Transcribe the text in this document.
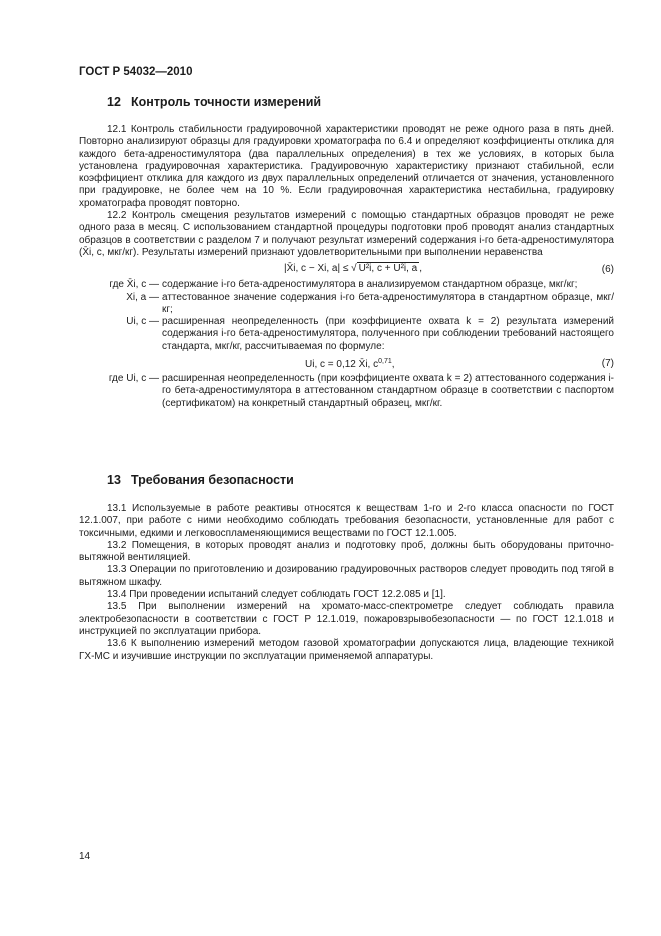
ГОСТ Р 54032—2010
12 Контроль точности измерений

12.1 Контроль стабильности градуировочной характеристики проводят не реже одного раза в пять дней. Повторно анализируют образцы для градуировки хроматографа по 6.4 и определяют коэффициенты отклика для каждого бета-адреностимулятора (два параллельных определения) в тех же условиях, в которых была установлена градуировочная характеристика. Градуировочную характеристику признают стабильной, если коэффициент отклика для каждого из двух параллельных определений отличается от значения, установленного при градуировке, не более чем на 10 %. Если градуировочная характеристика нестабильна, градуировку хроматографа проводят повторно.

12.2 Контроль смещения результатов измерений с помощью стандартных образцов проводят не реже одного раза в месяц. С использованием стандартной процедуры подготовки проб проводят анализ стандартных образцов в соответствии с разделом 7 и получают результат измерений содержания i-го бета-адреностимулятора (X̄i, c, мкг/кг). Результаты измерений признают удовлетворительными при выполнении неравенства

|X̄i, c − Xi, a| ≤ √ U²i, c + U²i, a ,	(6)
где X̄i, c — содержание i-го бета-адреностимулятора в анализируемом стандартном образце, мкг/кг;
Xi, a — аттестованное значение содержания i-го бета-адреностимулятора в стандартном образце, мкг/кг;
Ui, c — расширенная неопределенность (при коэффициенте охвата k = 2) результата измерений содержания i-го бета-адреностимулятора, полученного при соблюдении требований настоящего стандарта, мкг/кг, рассчитываемая по формуле:
Ui, c = 0,12 X̄i, $c^{0,71}$,	(7)
где Ui, c — расширенная неопределенность (при коэффициенте охвата k = 2) аттестованного содержания i-го бета-адреностимулятора в аттестованном стандартном образце в соответствии с паспортом (сертификатом) на конкретный стандартный образец, мкг/кг.
13 Требования безопасности

13.1 Используемые в работе реактивы относятся к веществам 1-го и 2-го класса опасности по ГОСТ 12.1.007, при работе с ними необходимо соблюдать требования безопасности, установленные для работ с токсичными, едкими и легковоспламеняющимися веществами по ГОСТ 12.1.005.

13.2 Помещения, в которых проводят анализ и подготовку проб, должны быть оборудованы приточно-вытяжной вентиляцией.

13.3 Операции по приготовлению и дозированию градуировочных растворов следует проводить под тягой в вытяжном шкафу.

13.4 При проведении испытаний следует соблюдать ГОСТ 12.2.085 и [1].

13.5 При выполнении измерений на хромато-масс-спектрометре следует соблюдать правила электробезопасности в соответствии с ГОСТ Р 12.1.019, пожаровзрывобезопасности — по ГОСТ 12.1.018 и инструкцией по эксплуатации прибора.

13.6 К выполнению измерений методом газовой хроматографии допускаются лица, владеющие техникой ГХ-МС и изучившие инструкции по эксплуатации применяемой аппаратуры.

14
